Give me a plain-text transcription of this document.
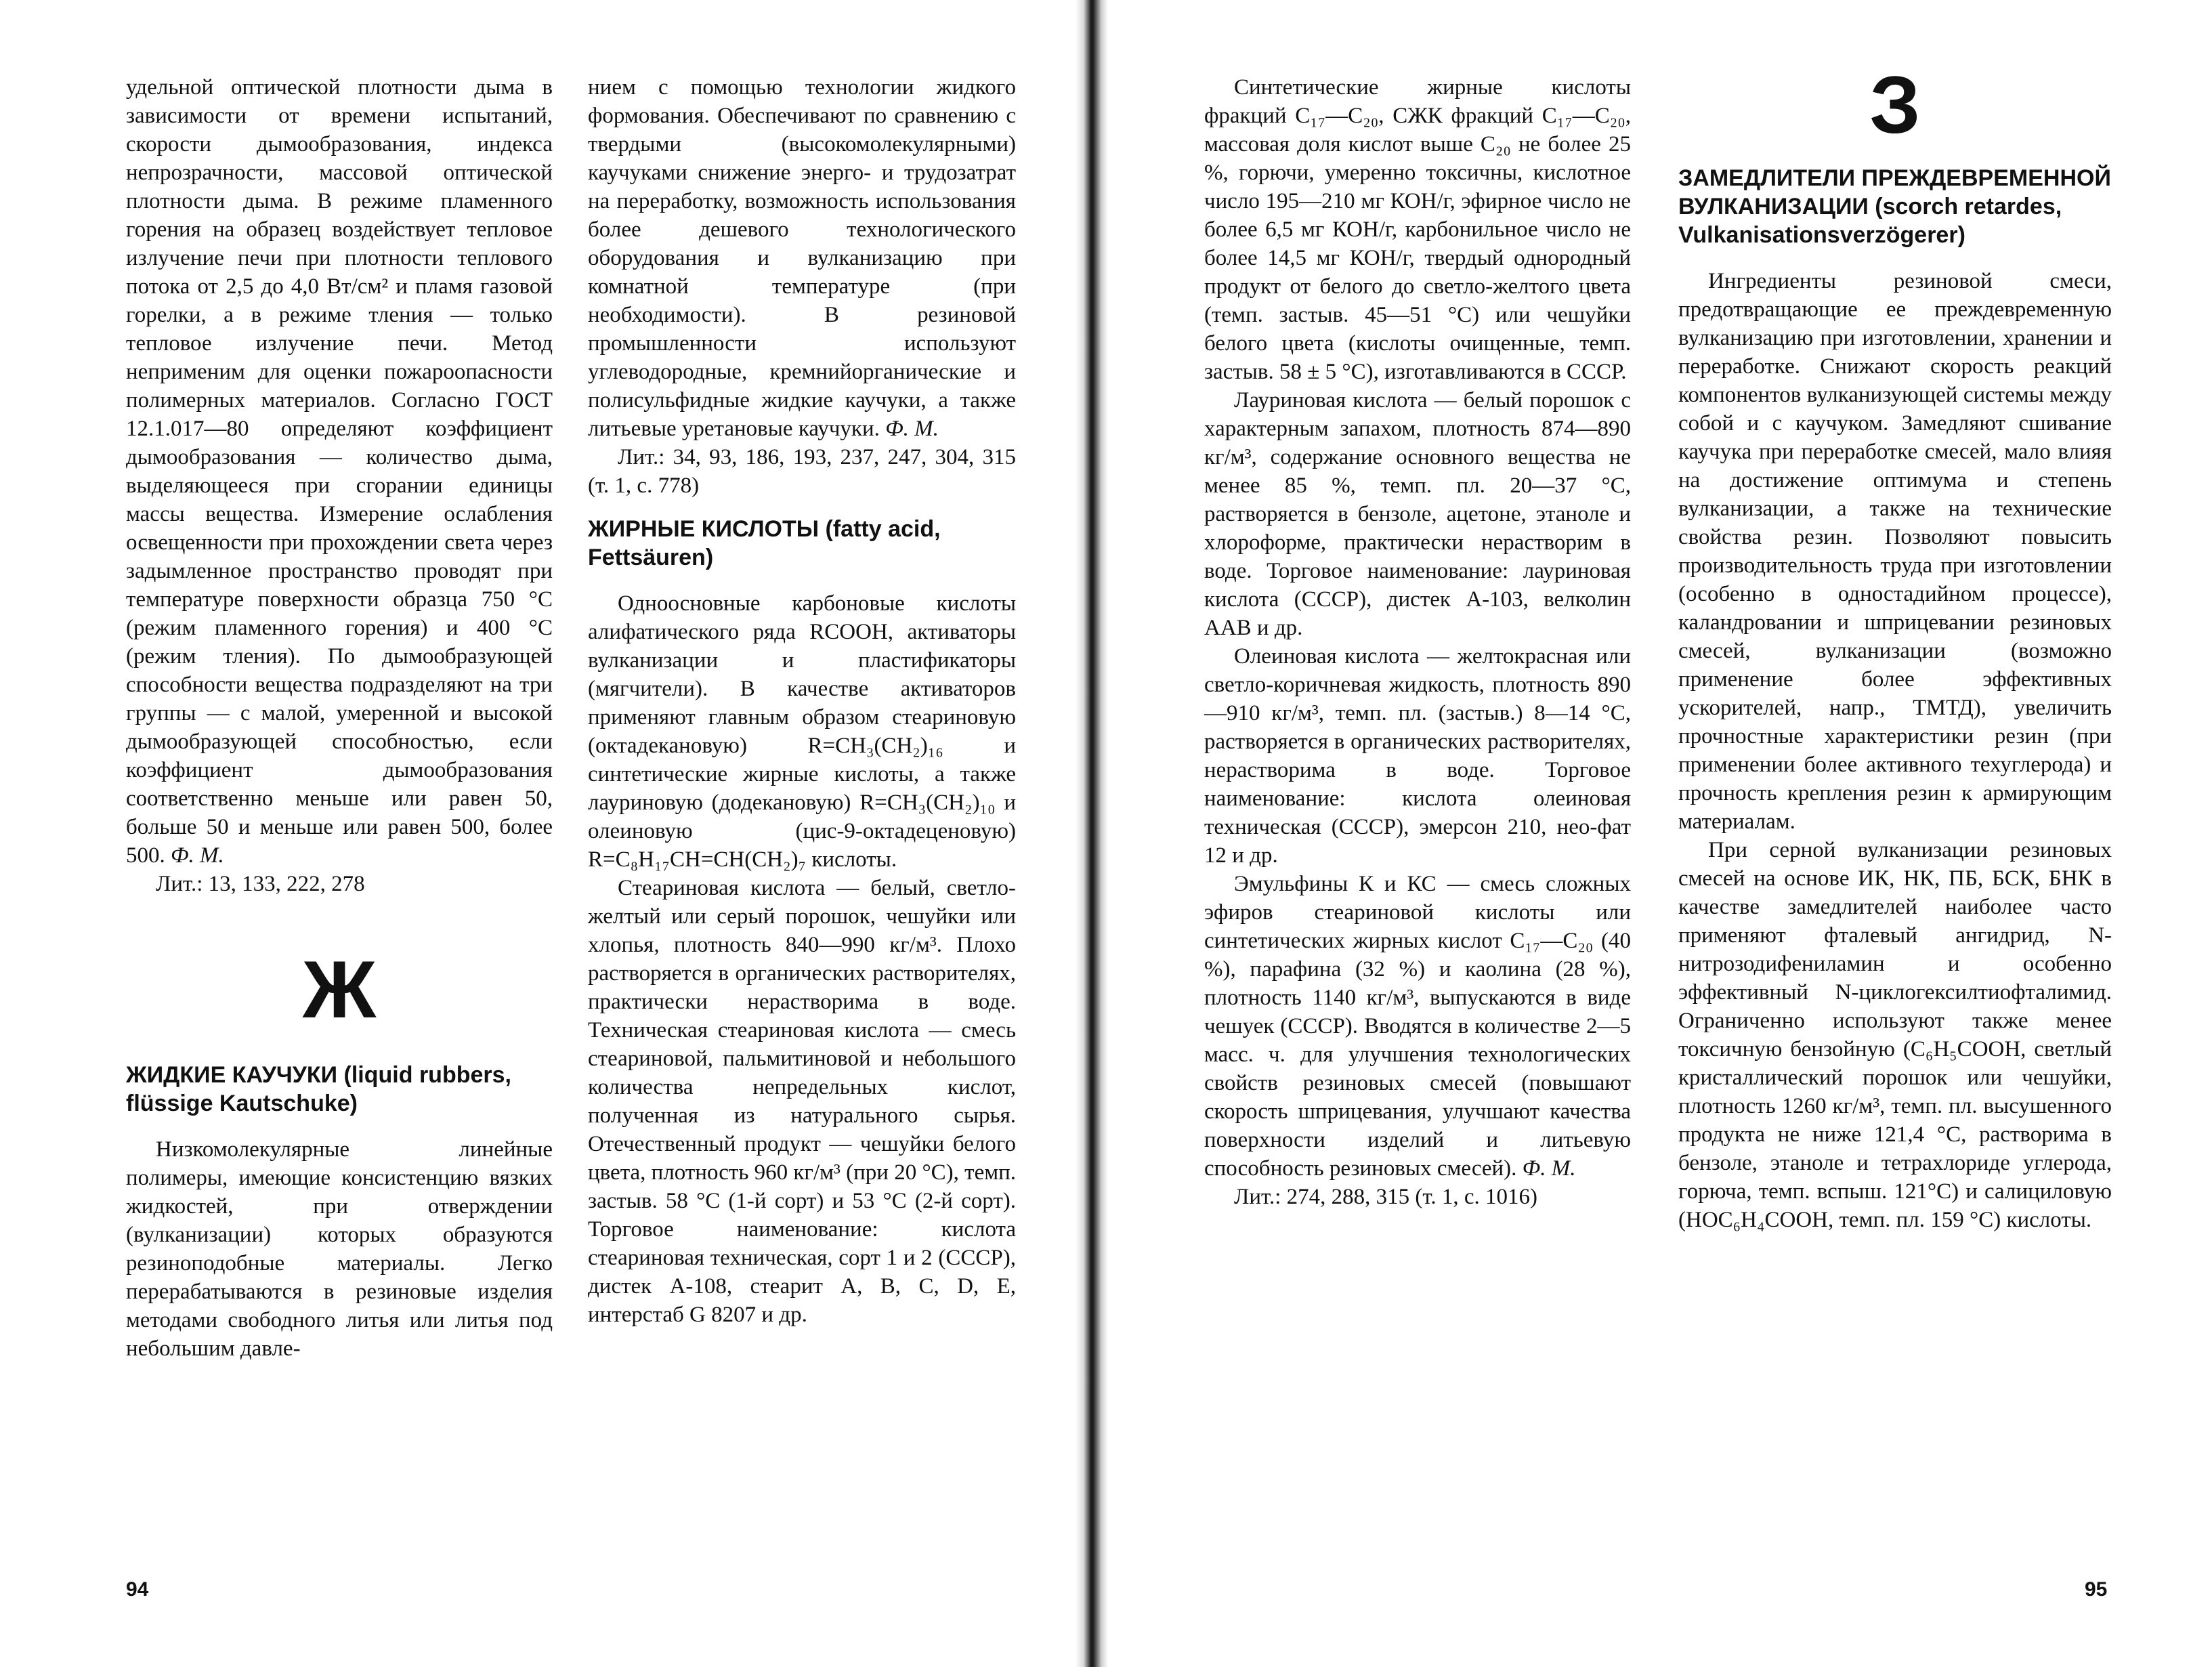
удельной оптической плотности дыма в зависимости от времени испытаний, скорости дымообразования, индекса непрозрачности, массовой оптической плотности дыма. В режиме пламенного горения на образец воздействует тепловое излучение печи при плотности теплового потока от 2,5 до 4,0 Вт/см² и пламя газовой горелки, а в режиме тления — только тепловое излучение печи. Метод неприменим для оценки пожароопасности полимерных материалов. Согласно ГОСТ 12.1.017—80 определяют коэффициент дымообразования — количество дыма, выделяющееся при сгорании единицы массы вещества. Измерение ослабления освещенности при прохождении света через задымленное пространство проводят при температуре поверхности образца 750 °С (режим пламенного горения) и 400 °С (режим тления). По дымообразующей способности вещества подразделяют на три группы — с малой, умеренной и высокой дымообразующей способностью, если коэффициент дымообразования соответственно меньше или равен 50, больше 50 и меньше или равен 500, более 500. Ф. М.

Лит.: 13, 133, 222, 278

Ж
ЖИДКИЕ КАУЧУКИ (liquid rubbers, flüssige Kautschuke)

Низкомолекулярные линейные полимеры, имеющие консистенцию вязких жидкостей, при отверждении (вулканизации) которых образуются резиноподобные материалы. Легко перерабатываются в резиновые изделия методами свободного литья или литья под небольшим давле-

нием с помощью технологии жидкого формования. Обеспечивают по сравнению с твердыми (высокомолекулярными) каучуками снижение энерго- и трудозатрат на переработку, возможность использования более дешевого технологического оборудования и вулканизацию при комнатной температуре (при необходимости). В резиновой промышленности используют углеводородные, кремнийорганические и полисульфидные жидкие каучуки, а также литьевые уретановые каучуки. Ф. М.

Лит.: 34, 93, 186, 193, 237, 247, 304, 315 (т. 1, с. 778)

ЖИРНЫЕ КИСЛОТЫ (fatty acid, Fettsäuren)

Одноосновные карбоновые кислоты алифатического ряда RCOOH, активаторы вулканизации и пластификаторы (мягчители). В качестве активаторов применяют главным образом стеариновую (октадекановую) R=CH₃(CH₂)₁₆ и синтетические жирные кислоты, а также лауриновую (додекановую) R=CH₃(CH₂)₁₀ и олеиновую (цис-9-октадеценовую) R=C₈H₁₇CH=CH(CH₂)₇ кислоты.

Стеариновая кислота — белый, светло-желтый или серый порошок, чешуйки или хлопья, плотность 840—990 кг/м³. Плохо растворяется в органических растворителях, практически нерастворима в воде. Техническая стеариновая кислота — смесь стеариновой, пальмитиновой и небольшого количества непредельных кислот, полученная из натурального сырья. Отечественный продукт — чешуйки белого цвета, плотность 960 кг/м³ (при 20 °С), темп. застыв. 58 °С (1-й сорт) и 53 °С (2-й сорт). Торговое наименование: кислота стеариновая техническая, сорт 1 и 2 (СССР), дистек А-108, стеарит А, В, С, D, Е, интерстаб G 8207 и др.

94

Синтетические жирные кислоты фракций С₁₇—С₂₀, СЖК фракций С₁₇—С₂₀, массовая доля кислот выше С₂₀ не более 25 %, горючи, умеренно токсичны, кислотное число 195—210 мг КОН/г, эфирное число не более 6,5 мг КОН/г, карбонильное число не более 14,5 мг КОН/г, твердый однородный продукт от белого до светло-желтого цвета (темп. застыв. 45—51 °С) или чешуйки белого цвета (кислоты очищенные, темп. застыв. 58 ± 5 °С), изготавливаются в СССР.

Лауриновая кислота — белый порошок с характерным запахом, плотность 874—890 кг/м³, содержание основного вещества не менее 85 %, темп. пл. 20—37 °С, растворяется в бензоле, ацетоне, этаноле и хлороформе, практически нерастворим в воде. Торговое наименование: лауриновая кислота (СССР), дистек А-103, велколин ААВ и др.

Олеиновая кислота — желтокрасная или светло-коричневая жидкость, плотность 890—910 кг/м³, темп. пл. (застыв.) 8—14 °С, растворяется в органических растворителях, нерастворима в воде. Торговое наименование: кислота олеиновая техническая (СССР), эмерсон 210, нео-фат 12 и др.

Эмульфины К и КС — смесь сложных эфиров стеариновой кислоты или синтетических жирных кислот С₁₇—С₂₀ (40 %), парафина (32 %) и каолина (28 %), плотность 1140 кг/м³, выпускаются в виде чешуек (СССР). Вводятся в количестве 2—5 масс. ч. для улучшения технологических свойств резиновых смесей (повышают скорость шприцевания, улучшают качества поверхности изделий и литьевую способность резиновых смесей). Ф. М.

Лит.: 274, 288, 315 (т. 1, с. 1016)

З
ЗАМЕДЛИТЕЛИ ПРЕЖДЕВРЕМЕННОЙ ВУЛКАНИЗАЦИИ (scorch retardes, Vulkanisationsverzögerer)

Ингредиенты резиновой смеси, предотвращающие ее преждевременную вулканизацию при изготовлении, хранении и переработке. Снижают скорость реакций компонентов вулканизующей системы между собой и с каучуком. Замедляют сшивание каучука при переработке смесей, мало влияя на достижение оптимума и степень вулканизации, а также на технические свойства резин. Позволяют повысить производительность труда при изготовлении (особенно в одностадийном процессе), каландровании и шприцевании резиновых смесей, вулканизации (возможно применение более эффективных ускорителей, напр., ТМТД), увеличить прочностные характеристики резин (при применении более активного техуглерода) и прочность крепления резин к армирующим материалам.

При серной вулканизации резиновых смесей на основе ИК, НК, ПБ, БСК, БНК в качестве замедлителей наиболее часто применяют фталевый ангидрид, N-нитрозодифениламин и особенно эффективный N-циклогексилтиофталимид. Ограниченно используют также менее токсичную бензойную (C₆H₅COOH, светлый кристаллический порошок или чешуйки, плотность 1260 кг/м³, темп. пл. высушенного продукта не ниже 121,4 °С, растворима в бензоле, этаноле и тетрахлориде углерода, горюча, темп. вспыш. 121°С) и салициловую (HOC₆H₄COOH, темп. пл. 159 °С) кислоты.

95
